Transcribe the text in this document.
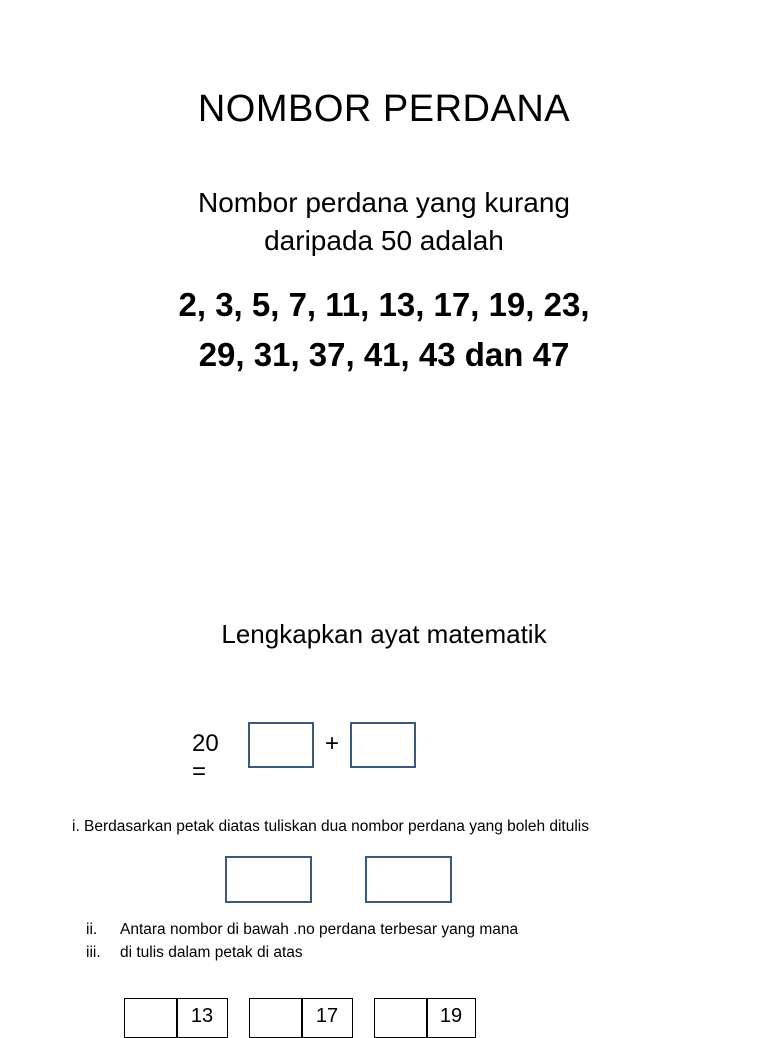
NOMBOR PERDANA
Nombor perdana yang kurang
daripada 50 adalah
2, 3, 5, 7, 11, 13, 17, 19, 23,
29, 31, 37, 41, 43 dan 47
Lengkapkan ayat matematik
20 =
+
i. Berdasarkan petak diatas tuliskan dua nombor perdana yang boleh ditulis
ii. Antara nombor di bawah .no perdana terbesar yang mana
iii. di tulis dalam petak di atas
13	17	19
